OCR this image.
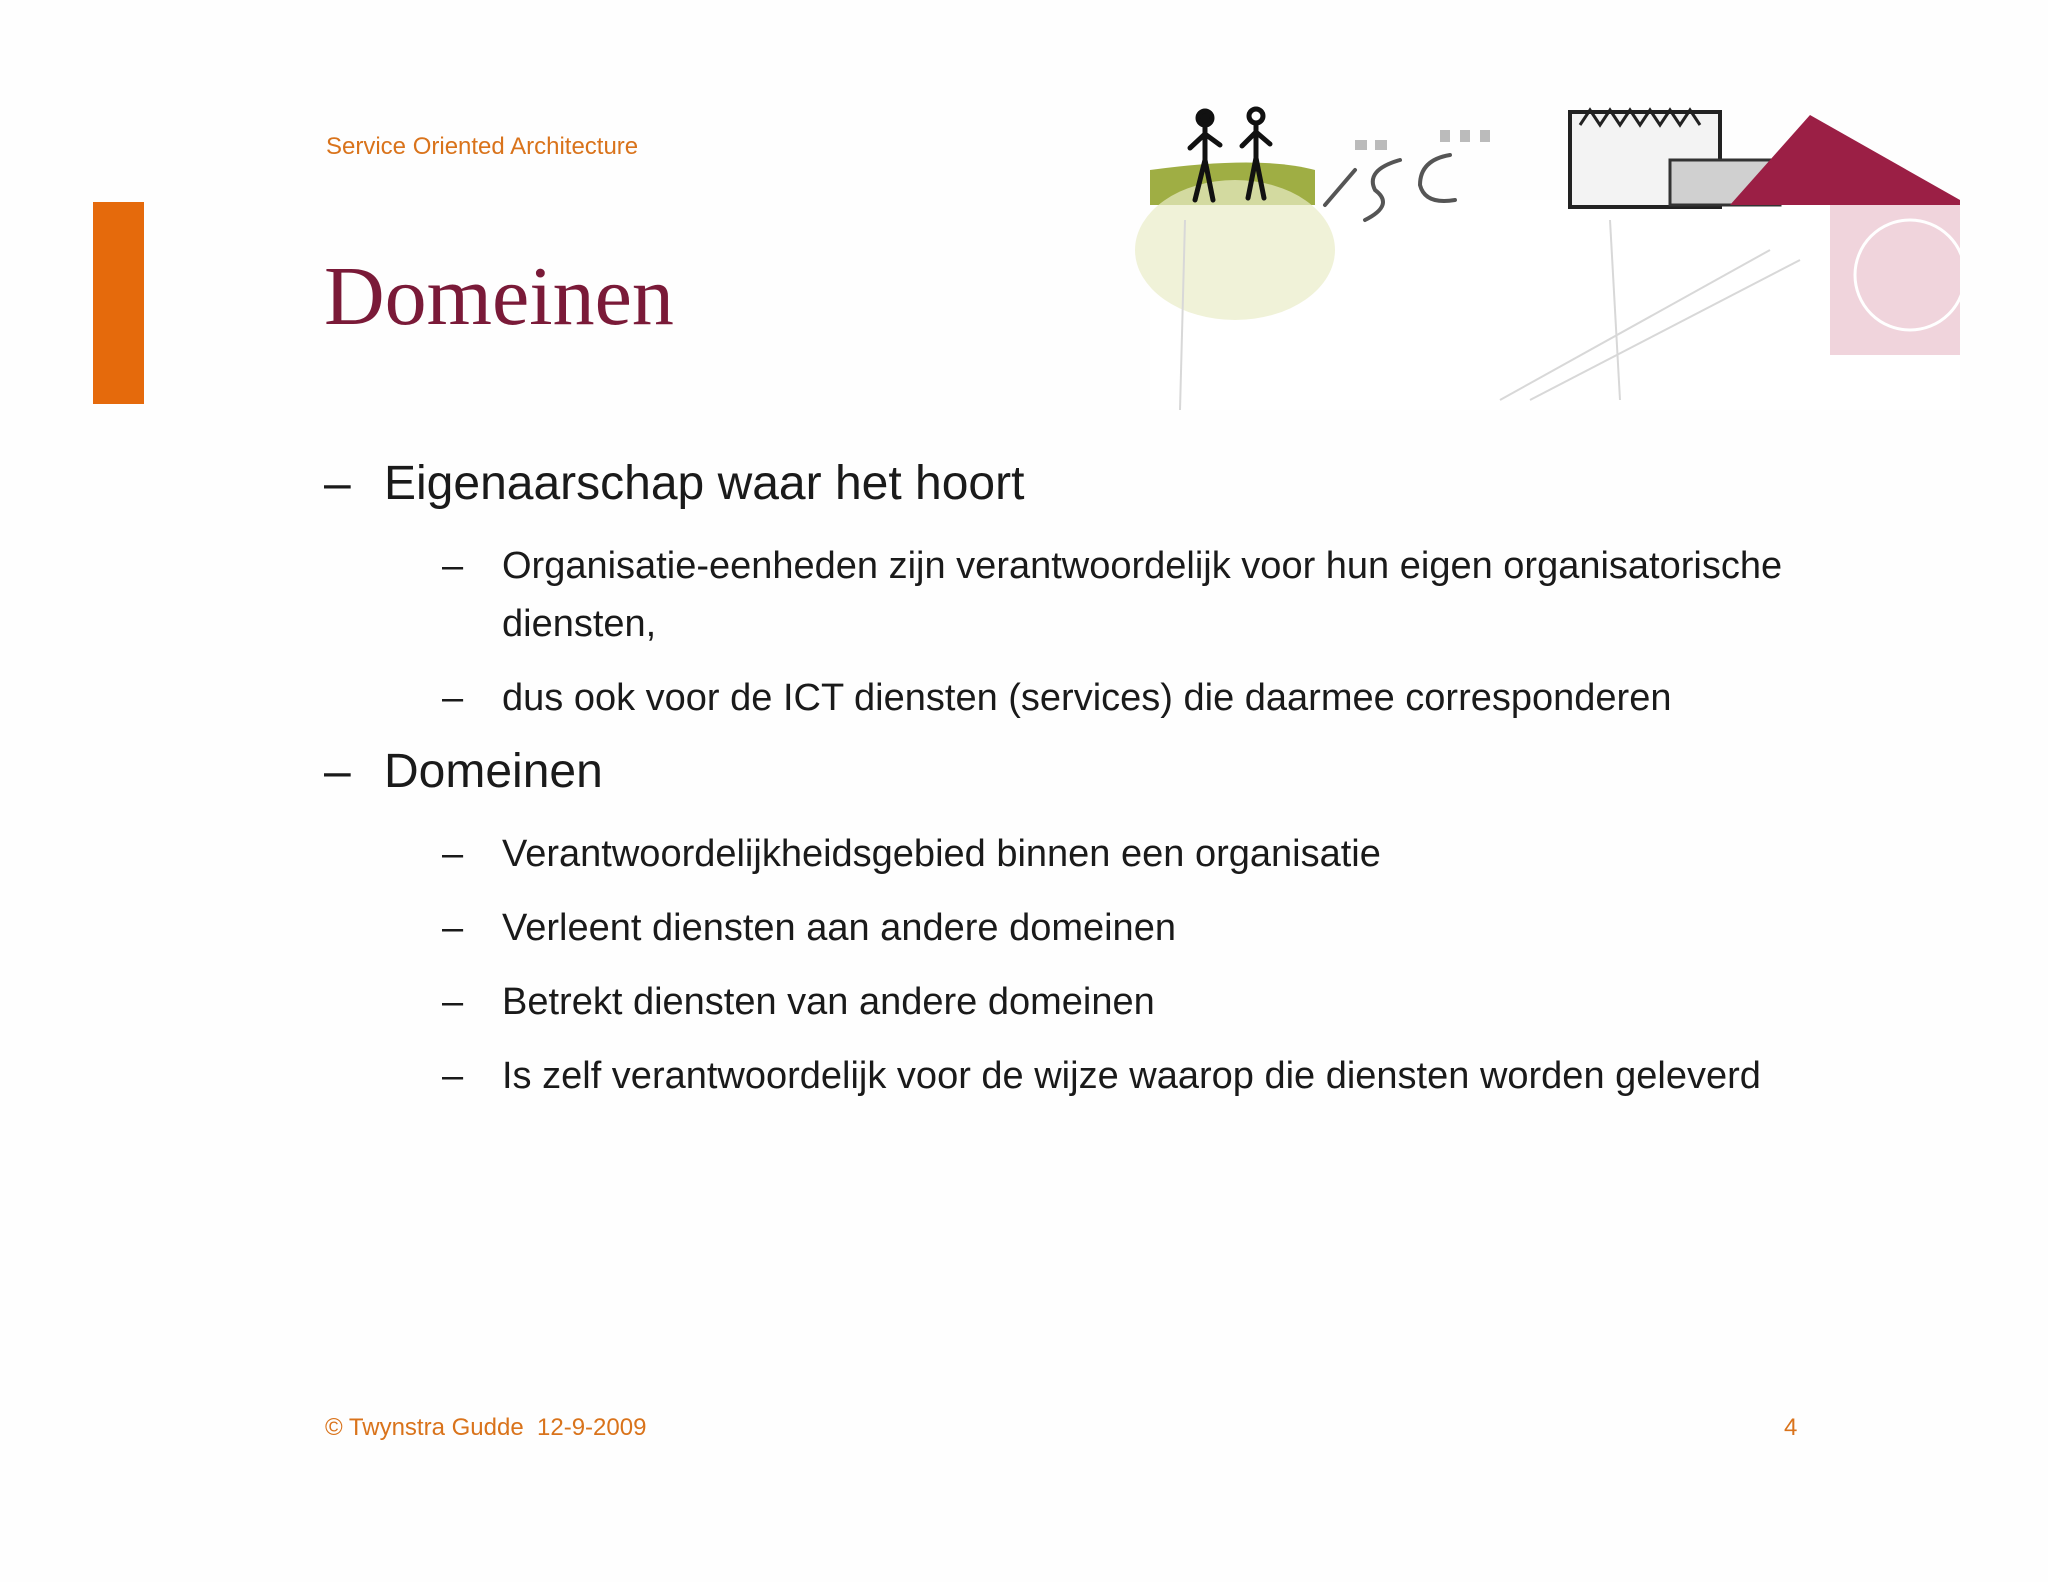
Service Oriented Architecture
Domeinen
– Eigenaarschap waar het hoort
– Organisatie-eenheden zijn verantwoordelijk voor hun eigen organisatorische diensten,
– dus ook voor de ICT diensten (services) die daarmee corresponderen
– Domeinen
– Verantwoordelijkheidsgebied binnen een organisatie
– Verleent diensten aan andere domeinen
– Betrekt diensten van andere domeinen
– Is zelf verantwoordelijk voor de wijze waarop die diensten worden geleverd
© Twynstra Gudde  12-9-2009	4
